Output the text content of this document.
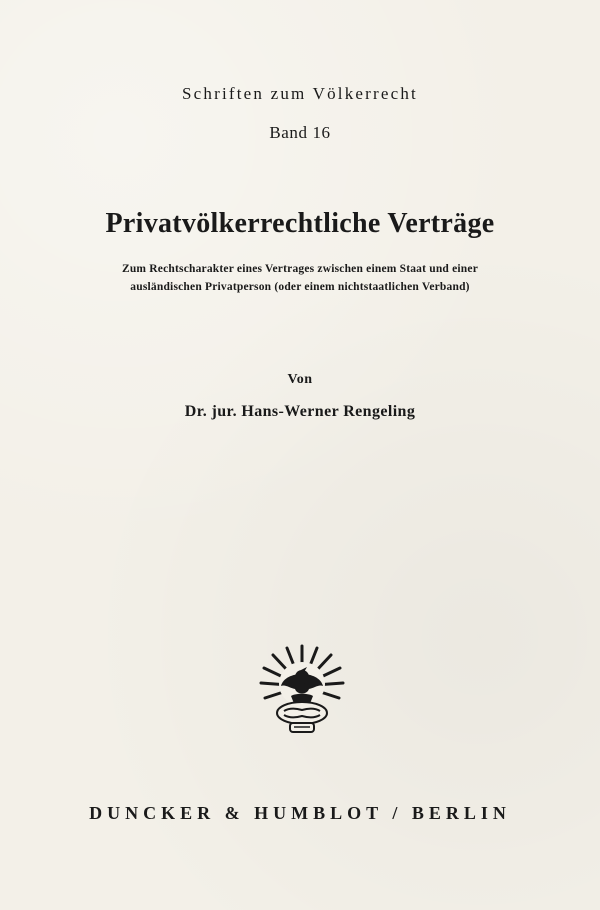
Schriften zum Völkerrecht
Band 16
Privatvölkerrechtliche Verträge
Zum Rechtscharakter eines Vertrages zwischen einem Staat und einer
ausländischen Privatperson (oder einem nichtstaatlichen Verband)
Von
Dr. jur. Hans-Werner Rengeling
DUNCKER & HUMBLOT / BERLIN
